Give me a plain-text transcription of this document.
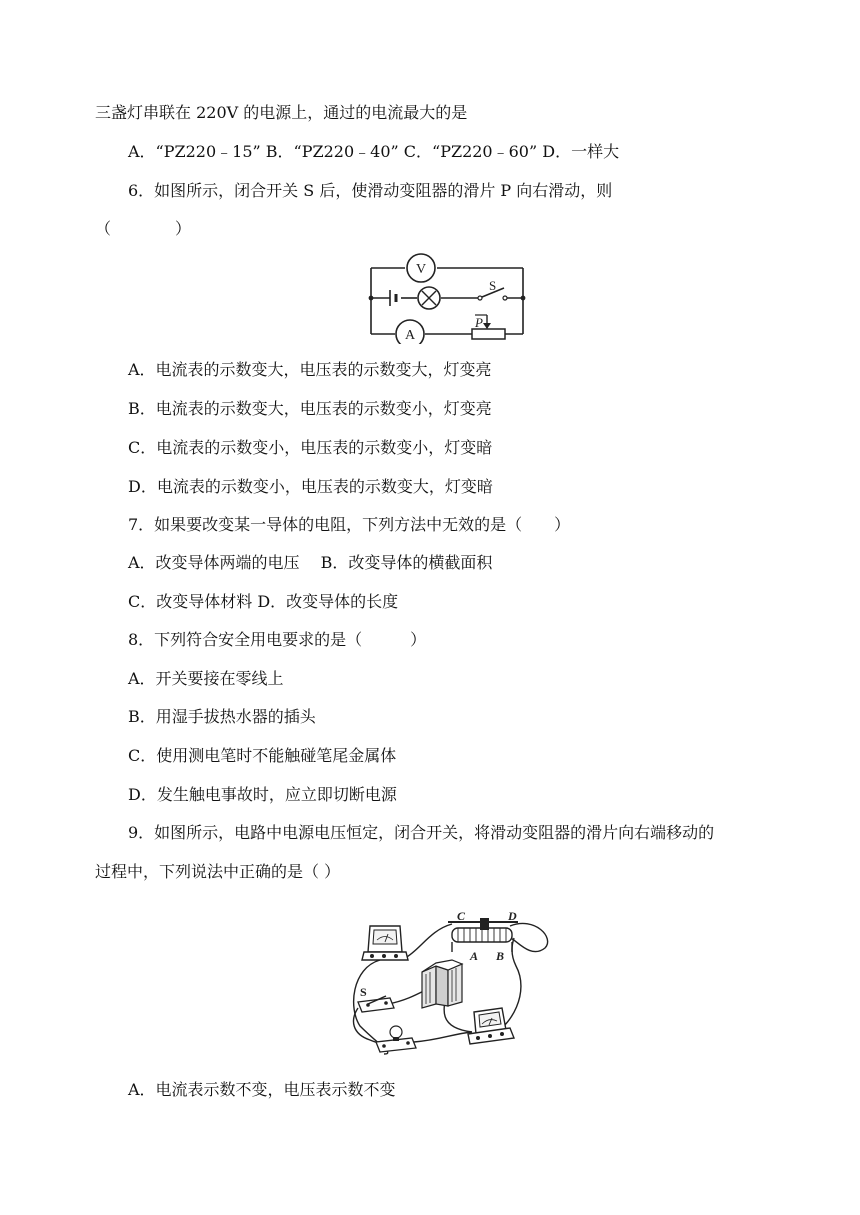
三盏灯串联在 220V 的电源上，通过的电流最大的是
A．“PZ220﹣15” B．“PZ220﹣40” C．“PZ220﹣60” D．一样大
6．如图所示，闭合开关 S 后，使滑动变阻器的滑片 P 向右滑动，则
（　　　　）
V
S
A
P
A．电流表的示数变大，电压表的示数变大，灯变亮
B．电流表的示数变大，电压表的示数变小，灯变亮
C．电流表的示数变小，电压表的示数变小，灯变暗
D．电流表的示数变小，电压表的示数变大，灯变暗
7．如果要改变某一导体的电阻，下列方法中无效的是（　　）
A．改变导体两端的电压　 B．改变导体的横截面积
C．改变导体材料 D．改变导体的长度
8．下列符合安全用电要求的是（　　　）
A．开关要接在零线上
B．用湿手拔热水器的插头
C．使用测电笔时不能触碰笔尾金属体
D．发生触电事故时，应立即切断电源
9．如图所示，电路中电源电压恒定，闭合开关，将滑动变阻器的滑片向右端移动的
过程中，下列说法中正确的是（ ）
C	D
A B
S
A．电流表示数不变，电压表示数不变
